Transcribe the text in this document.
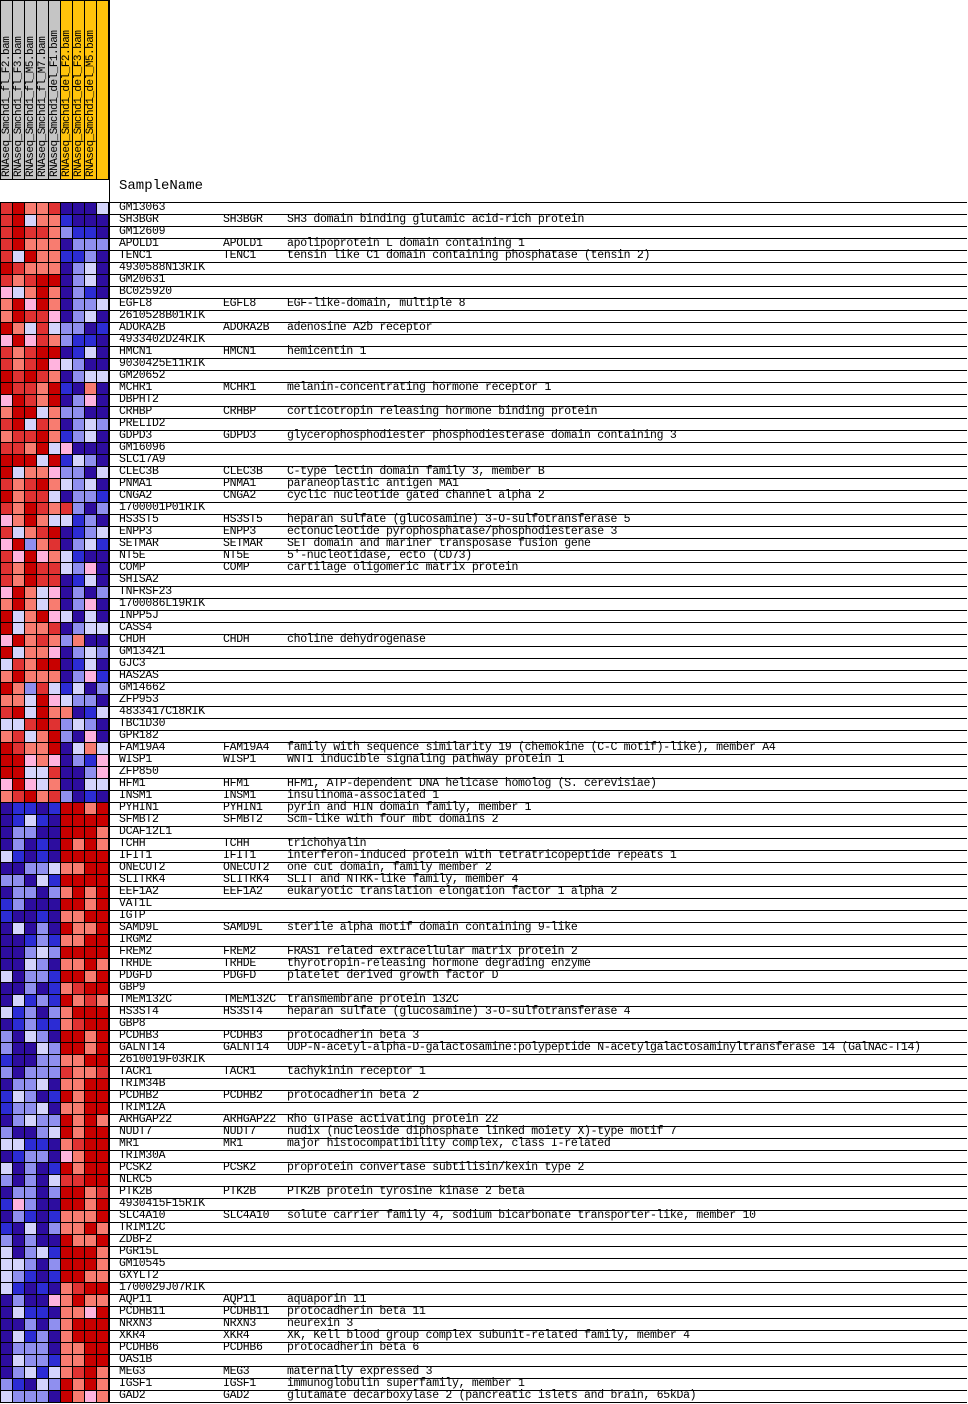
RNAseq_Smchd1_fl_F2.bam RNAseq_Smchd1_fl_F3.bam RNAseq_Smchd1_fl_M5.bam RNAseq_Smchd1_fl_M7.bam RNAseq_Smchd1_del_F1.bam RNAseq_Smchd1_del_F2.bam RNAseq_Smchd1_del_F3.bam RNAseq_Smchd1_del_M5.bam
SampleName
GM13063
SH3BGR	SH3BGR SH3 domain binding glutamic acid-rich protein
GM12609
APOLD1	APOLD1 apolipoprotein L domain containing 1
TENC1	TENC1	tensin like C1 domain containing phosphatase (tensin 2)
4930588N13RIK
GM20631
BC025920
EGFL8	EGFL8	EGF-like-domain, multiple 8
2610528B01RIK
ADORA2B	ADORA2B adenosine A2b receptor
4933402D24RIK
HMCN1	HMCN1	hemicentin 1
9030425E11RIK
GM20652
MCHR1	MCHR1	melanin-concentrating hormone receptor 1
DBPHT2
CRHBP	CRHBP	corticotropin releasing hormone binding protein
PRELID2
GDPD3	GDPD3	glycerophosphodiester phosphodiesterase domain containing 3
GM16096
SLC17A9
CLEC3B	CLEC3B C-type lectin domain family 3, member B
PNMA1	PNMA1	paraneoplastic antigen MA1
CNGA2	CNGA2	cyclic nucleotide gated channel alpha 2
1700001P01RIK
HS3ST5	HS3ST5 heparan sulfate (glucosamine) 3-O-sulfotransferase 5
ENPP3	ENPP3	ectonucleotide pyrophosphatase/phosphodiesterase 3
SETMAR	SETMAR SET domain and mariner transposase fusion gene
NT5E	NT5E	5'-nucleotidase, ecto (CD73)
COMP	COMP	cartilage oligomeric matrix protein
SHISA2
TNFRSF23
1700086L19RIK
INPP5J
CASS4
CHDH	CHDH	choline dehydrogenase
GM13421
GJC3
HAS2AS
GM14662
ZFP953
4833417C18RIK
TBC1D30
GPR182
FAM19A4	FAM19A4 family with sequence similarity 19 (chemokine (C-C motif)-like), member A4
WISP1	WISP1	WNT1 inducible signaling pathway protein 1
ZFP850
HFM1	HFM1	HFM1, ATP-dependent DNA helicase homolog (S. cerevisiae)
INSM1	INSM1	insulinoma-associated 1
PYHIN1	PYHIN1 pyrin and HIN domain family, member 1
SFMBT2	SFMBT2 Scm-like with four mbt domains 2
DCAF12L1
TCHH	TCHH	trichohyalin
IFIT1	IFIT1	interferon-induced protein with tetratricopeptide repeats 1
ONECUT2	ONECUT2 one cut domain, family member 2
SLITRK4	SLITRK4 SLIT and NTRK-like family, member 4
EEF1A2	EEF1A2 eukaryotic translation elongation factor 1 alpha 2
VAT1L
IGTP
SAMD9L	SAMD9L sterile alpha motif domain containing 9-like
IRGM2
FREM2	FREM2	FRAS1 related extracellular matrix protein 2
TRHDE	TRHDE	thyrotropin-releasing hormone degrading enzyme
PDGFD	PDGFD	platelet derived growth factor D
GBP9
TMEM132C	TMEM132C transmembrane protein 132C
HS3ST4	HS3ST4 heparan sulfate (glucosamine) 3-O-sulfotransferase 4
GBP8
PCDHB3	PCDHB3 protocadherin beta 3
GALNT14	GALNT14 UDP-N-acetyl-alpha-D-galactosamine:polypeptide N-acetylgalactosaminyltransferase 14 (GalNAc-T14)
2610019F03RIK
TACR1	TACR1	tachykinin receptor 1
TRIM34B
PCDHB2	PCDHB2 protocadherin beta 2
TRIM12A
ARHGAP22	ARHGAP22 Rho GTPase activating protein 22
NUDT7	NUDT7	nudix (nucleoside diphosphate linked moiety X)-type motif 7
MR1	MR1	major histocompatibility complex, class I-related
TRIM30A
PCSK2	PCSK2	proprotein convertase subtilisin/kexin type 2
NLRC5
PTK2B	PTK2B	PTK2B protein tyrosine kinase 2 beta
4930415F15RIK
SLC4A10	SLC4A10 solute carrier family 4, sodium bicarbonate transporter-like, member 10
TRIM12C
ZDBF2
PGR15L
GM10545
GXYLT2
1700029J07RIK
AQP11	AQP11	aquaporin 11
PCDHB11	PCDHB11 protocadherin beta 11
NRXN3	NRXN3	neurexin 3
XKR4	XKR4	XK, Kell blood group complex subunit-related family, member 4
PCDHB6	PCDHB6 protocadherin beta 6
OAS1B
MEG3	MEG3	maternally expressed 3
IGSF1	IGSF1	immunoglobulin superfamily, member 1
GAD2	GAD2	glutamate decarboxylase 2 (pancreatic islets and brain, 65kDa)
